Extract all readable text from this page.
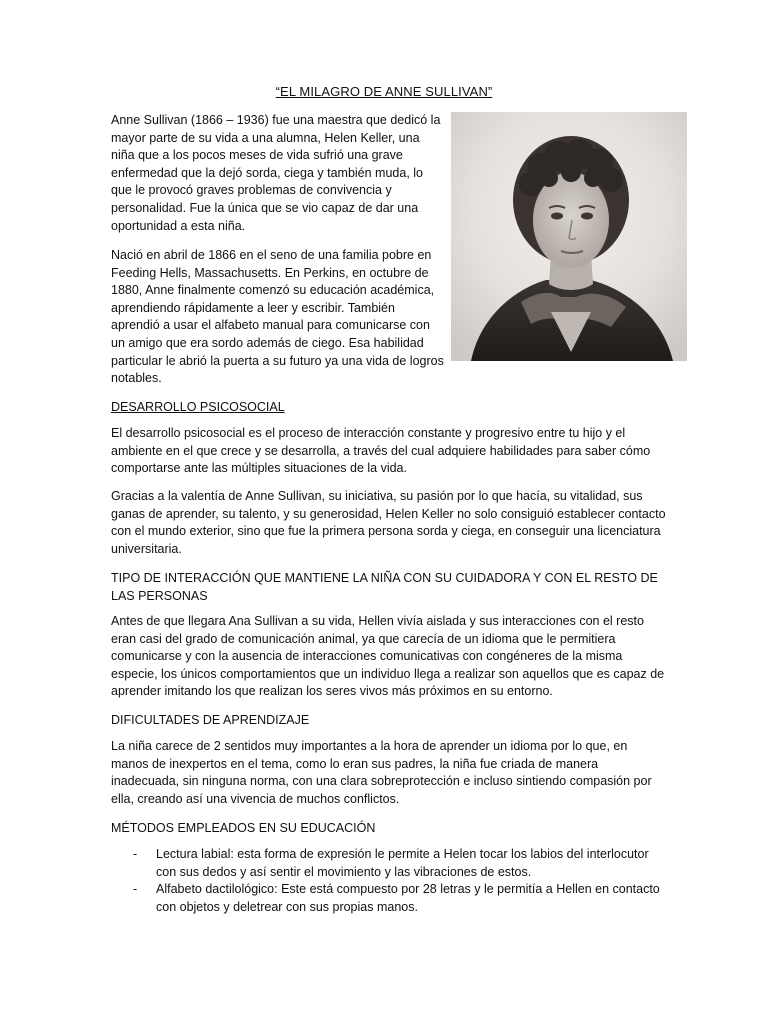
“EL MILAGRO DE ANNE SULLIVAN”
Anne Sullivan (1866 – 1936) fue una maestra que dedicó la mayor parte de su vida a una alumna, Helen Keller, una niña que a los pocos meses de vida sufrió una grave enfermedad que la dejó sorda, ciega y también muda, lo que le provocó graves problemas de convivencia y personalidad. Fue la única que se vio capaz de dar una oportunidad a esta niña.
Nació en abril de 1866 en el seno de una familia pobre en Feeding Hells, Massachusetts. En Perkins, en octubre de 1880, Anne finalmente comenzó su educación académica, aprendiendo rápidamente a leer y escribir. También aprendió a usar el alfabeto manual para comunicarse con un amigo que era sordo además de ciego. Esa habilidad particular le abrió la puerta a su futuro ya una vida de logros notables.
DESARROLLO PSICOSOCIAL
El desarrollo psicosocial es el proceso de interacción constante y progresivo entre tu hijo y el ambiente en el que crece y se desarrolla, a través del cual adquiere habilidades para saber cómo comportarse ante las múltiples situaciones de la vida.
Gracias a la valentía de Anne Sullivan, su iniciativa, su pasión por lo que hacía, su vitalidad, sus ganas de aprender, su talento, y su generosidad, Helen Keller no solo consiguió establecer contacto con el mundo exterior, sino que fue la primera persona sorda y ciega, en conseguir una licenciatura universitaria.
TIPO DE INTERACCIÓN QUE MANTIENE LA NIÑA CON SU CUIDADORA Y CON EL RESTO DE LAS PERSONAS
Antes de que llegara Ana Sullivan a su vida, Hellen vivía aislada y sus interacciones con el resto eran casi del grado de comunicación animal, ya que carecía de un idioma que le permitiera comunicarse y con la ausencia de interacciones comunicativas con congéneres de la misma especie, los únicos comportamientos que un individuo llega a realizar son aquellos que es capaz de aprender imitando los que realizan los seres vivos más próximos en su entorno.
DIFICULTADES DE APRENDIZAJE
La niña carece de 2 sentidos muy importantes a la hora de aprender un idioma por lo que, en manos de inexpertos en el tema, como lo eran sus padres, la niña fue criada de manera inadecuada, sin ninguna norma, con una clara sobreprotección e incluso sintiendo compasión por ella, creando así una vivencia de muchos conflictos.
MÉTODOS EMPLEADOS EN SU EDUCACIÓN
- Lectura labial: esta forma de expresión le permite a Helen tocar los labios del interlocutor con sus dedos y así sentir el movimiento y las vibraciones de estos.
- Alfabeto dactilológico: Este está compuesto por 28 letras y le permitía a Hellen en contacto con objetos y deletrear con sus propias manos.
